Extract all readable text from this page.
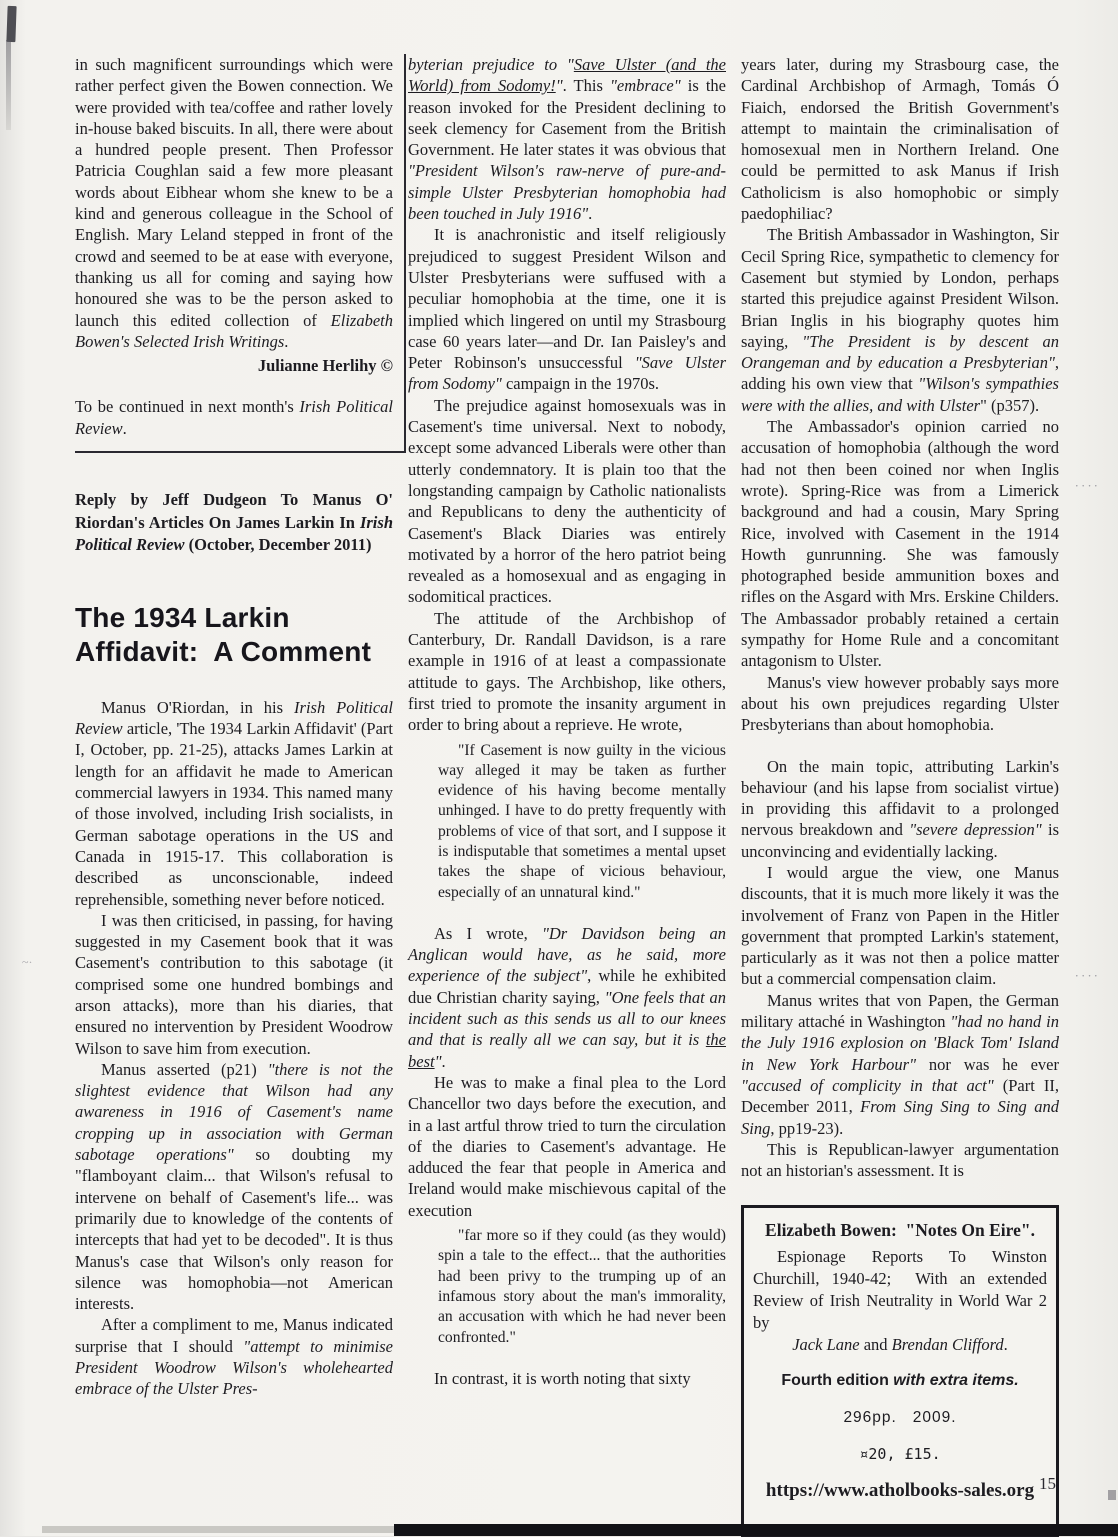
in such magnificent surroundings which were rather perfect given the Bowen connection. We were provided with tea/coffee and rather lovely in-house baked biscuits. In all, there were about a hundred people present. Then Professor Patricia Coughlan said a few more pleasant words about Eibhear whom she knew to be a kind and generous colleague in the School of English. Mary Leland stepped in front of the crowd and seemed to be at ease with everyone, thanking us all for coming and saying how honoured she was to be the person asked to launch this edited collection of Elizabeth Bowen's Selected Irish Writings.

Julianne Herlihy ©

To be continued in next month's Irish Political Review.

Reply by Jeff Dudgeon To Manus O' Riordan's Articles On James Larkin In Irish Political Review (October, December 2011)

The 1934 Larkin Affidavit:  A Comment

Manus O'Riordan, in his Irish Political Review article, 'The 1934 Larkin Affidavit' (Part I, October, pp. 21-25), attacks James Larkin at length for an affidavit he made to American commercial lawyers in 1934. This named many of those involved, including Irish socialists, in German sabotage operations in the US and Canada in 1915-17. This collaboration is described as unconscionable, indeed reprehensible, something never before noticed.

I was then criticised, in passing, for having suggested in my Casement book that it was Casement's contribution to this sabotage (it comprised some one hundred bombings and arson attacks), more than his diaries, that ensured no intervention by President Woodrow Wilson to save him from execution.

Manus asserted (p21) "there is not the slightest evidence that Wilson had any awareness in 1916 of Casement's name cropping up in association with German sabotage operations" so doubting my "flamboyant claim... that Wilson's refusal to intervene on behalf of Casement's life... was primarily due to knowledge of the contents of intercepts that had yet to be decoded". It is thus Manus's case that Wilson's only reason for silence was homophobia—not American interests.

After a compliment to me, Manus indicated surprise that I should "attempt to minimise President Woodrow Wilson's wholehearted embrace of the Ulster Pres-

byterian prejudice to "Save Ulster (and the World) from Sodomy!". This "embrace" is the reason invoked for the President declining to seek clemency for Casement from the British Government. He later states it was obvious that "President Wilson's raw-nerve of pure-and-simple Ulster Presbyterian homophobia had been touched in July 1916".

It is anachronistic and itself religiously prejudiced to suggest President Wilson and Ulster Presbyterians were suffused with a peculiar homophobia at the time, one it is implied which lingered on until my Strasbourg case 60 years later—and Dr. Ian Paisley's and Peter Robinson's unsuccessful "Save Ulster from Sodomy" campaign in the 1970s.

The prejudice against homosexuals was in Casement's time universal. Next to nobody, except some advanced Liberals were other than utterly condemnatory. It is plain too that the longstanding campaign by Catholic nationalists and Republicans to deny the authenticity of Casement's Black Diaries was entirely motivated by a horror of the hero patriot being revealed as a homosexual and as engaging in sodomitical practices.

The attitude of the Archbishop of Canterbury, Dr. Randall Davidson, is a rare example in 1916 of at least a compassionate attitude to gays. The Archbishop, like others, first tried to promote the insanity argument in order to bring about a reprieve. He wrote,

"If Casement is now guilty in the vicious way alleged it may be taken as further evidence of his having become mentally unhinged. I have to do pretty frequently with problems of vice of that sort, and I suppose it is indisputable that sometimes a mental upset takes the shape of vicious behaviour, especially of an unnatural kind."

As I wrote, "Dr Davidson being an Anglican would have, as he said, more experience of the subject", while he exhibited due Christian charity saying, "One feels that an incident such as this sends us all to our knees and that is really all we can say, but it is the best".

He was to make a final plea to the Lord Chancellor two days before the execution, and in a last artful throw tried to turn the circulation of the diaries to Casement's advantage. He adduced the fear that people in America and Ireland would make mischievous capital of the execution

"far more so if they could (as they would) spin a tale to the effect... that the authorities had been privy to the trumping up of an infamous story about the man's immorality, an accusation with which he had never been confronted."

In contrast, it is worth noting that sixty

years later, during my Strasbourg case, the Cardinal Archbishop of Armagh, Tomás Ó Fiaich, endorsed the British Government's attempt to maintain the criminalisation of homosexual men in Northern Ireland. One could be permitted to ask Manus if Irish Catholicism is also homophobic or simply paedophiliac?

The British Ambassador in Washington, Sir Cecil Spring Rice, sympathetic to clemency for Casement but stymied by London, perhaps started this prejudice against President Wilson. Brian Inglis in his biography quotes him saying, "The President is by descent an Orangeman and by education a Presbyterian", adding his own view that "Wilson's sympathies were with the allies, and with Ulster" (p357).

The Ambassador's opinion carried no accusation of homophobia (although the word had not then been coined nor when Inglis wrote). Spring-Rice was from a Limerick background and had a cousin, Mary Spring Rice, involved with Casement in the 1914 Howth gunrunning. She was famously photographed beside ammunition boxes and rifles on the Asgard with Mrs. Erskine Childers. The Ambassador probably retained a certain sympathy for Home Rule and a concomitant antagonism to Ulster.

Manus's view however probably says more about his own prejudices regarding Ulster Presbyterians than about homophobia.

On the main topic, attributing Larkin's behaviour (and his lapse from socialist virtue) in providing this affidavit to a prolonged nervous breakdown and "severe depression" is unconvincing and evidentially lacking.

I would argue the view, one Manus discounts, that it is much more likely it was the involvement of Franz von Papen in the Hitler government that prompted Larkin's statement, particularly as it was not then a police matter but a commercial compensation claim.

Manus writes that von Papen, the German military attaché in Washington "had no hand in the July 1916 explosion on 'Black Tom' Island in New York Harbour" nor was he ever "accused of complicity in that act" (Part II, December 2011, From Sing Sing to Sing and Sing, pp19-23).

This is Republican-lawyer argumentation not an historian's assessment. It is

Elizabeth Bowen:  "Notes On Eire".

Espionage Reports To Winston Churchill, 1940-42;  With an extended Review of Irish Neutrality in World War 2 by

Jack Lane and Brendan Clifford.

Fourth edition with extra items.

296pp.   2009.

¤20, £15.

https://www.atholbooks-sales.org 15
····
····
~·
